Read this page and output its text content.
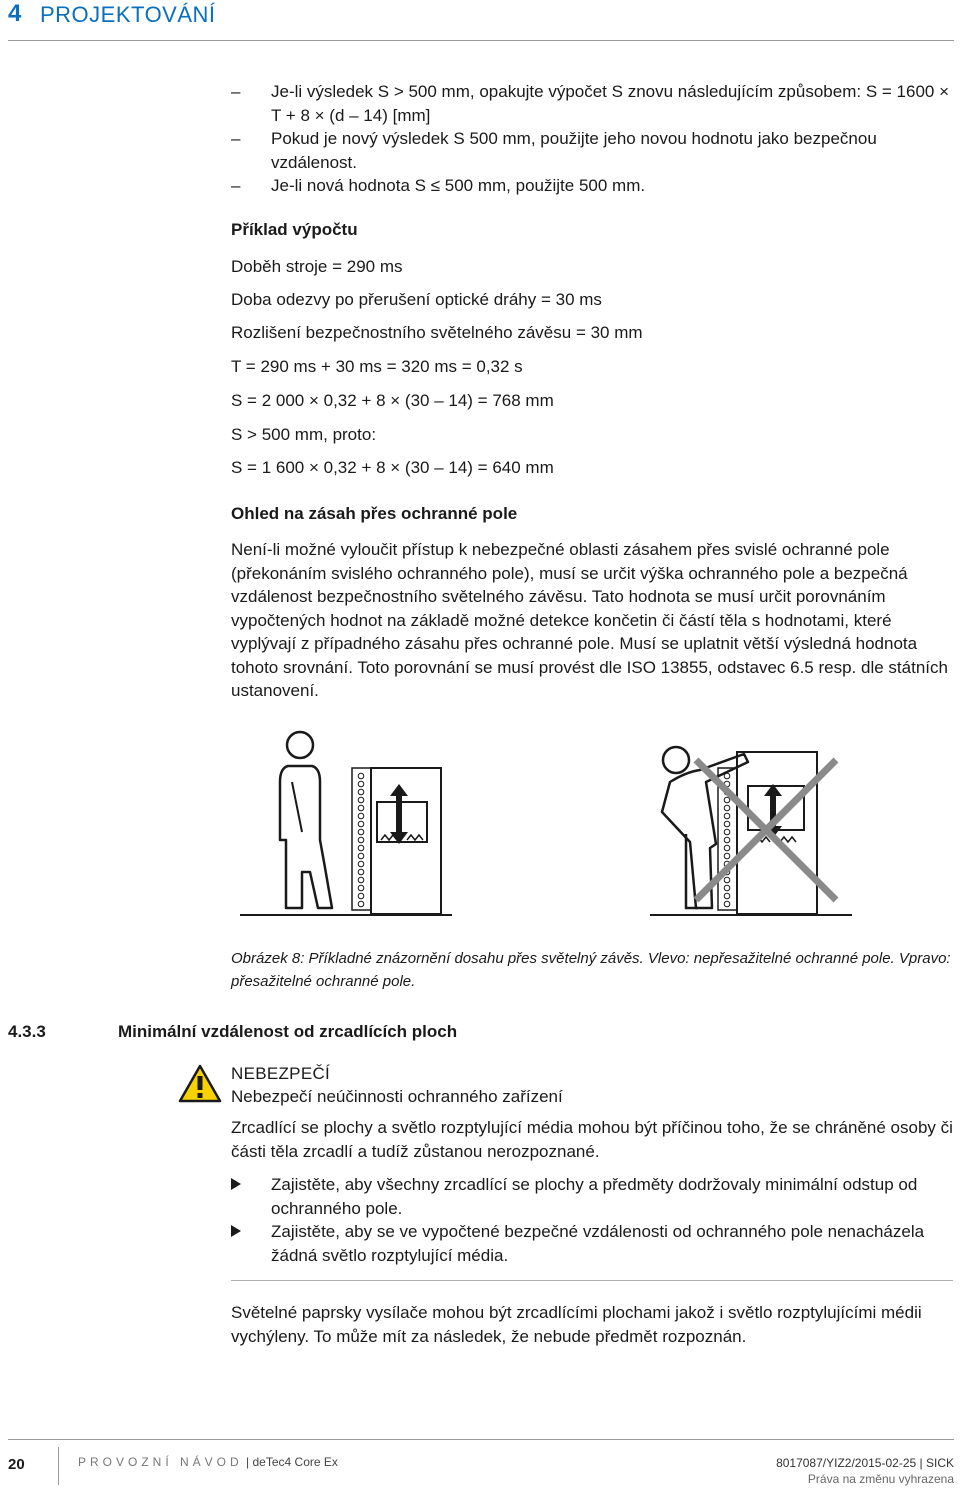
4 PROJEKTOVÁNÍ
– Je-li výsledek S > 500 mm, opakujte výpočet S znovu následujícím způsobem: S = 1600 × T + 8 × (d – 14) [mm]
– Pokud je nový výsledek S 500 mm, použijte jeho novou hodnotu jako bezpečnou vzdálenost.
– Je-li nová hodnota S ≤ 500 mm, použijte 500 mm.
Příklad výpočtu
Doběh stroje = 290 ms
Doba odezvy po přerušení optické dráhy = 30 ms
Rozlišení bezpečnostního světelného závěsu = 30 mm
T = 290 ms + 30 ms = 320 ms = 0,32 s
S = 2 000 × 0,32 + 8 × (30 – 14) = 768 mm
S > 500 mm, proto:
S = 1 600 × 0,32 + 8 × (30 – 14) = 640 mm
Ohled na zásah přes ochranné pole
Není-li možné vyloučit přístup k nebezpečné oblasti zásahem přes svislé ochranné pole (překonáním svislého ochranného pole), musí se určit výška ochranného pole a bezpečná vzdálenost bezpečnostního světelného závěsu. Tato hodnota se musí určit porovnáním vypočtených hodnot na základě možné detekce končetin či částí těla s hodnotami, které vyplývají z případného zásahu přes ochranné pole. Musí se uplatnit větší výsledná hodnota tohoto srovnání. Toto porovnání se musí provést dle ISO 13855, odstavec 6.5 resp. dle státních ustanovení.
Obrázek 8: Příkladné znázornění dosahu přes světelný závěs. Vlevo: nepřesažitelné ochranné pole. Vpravo: přesažitelné ochranné pole.
4.3.3	Minimální vzdálenost od zrcadlících ploch
NEBEZPEČÍ
Nebezpečí neúčinnosti ochranného zařízení
Zrcadlící se plochy a světlo rozptylující média mohou být příčinou toho, že se chráněné osoby či části těla zrcadlí a tudíž zůstanou nerozpoznané.
Zajistěte, aby všechny zrcadlící se plochy a předměty dodržovaly minimální odstup od ochranného pole.
Zajistěte, aby se ve vypočtené bezpečné vzdálenosti od ochranného pole nenacházela žádná světlo rozptylující média.
Světelné paprsky vysílače mohou být zrcadlícími plochami jakož i světlo rozptylujícími médii vychýleny. To může mít za následek, že nebude předmět rozpoznán.
20	PROVOZNÍ NÁVOD | deTec4 Core Ex	8017087/YIZ2/2015-02-25 | SICK
Práva na změnu vyhrazena
